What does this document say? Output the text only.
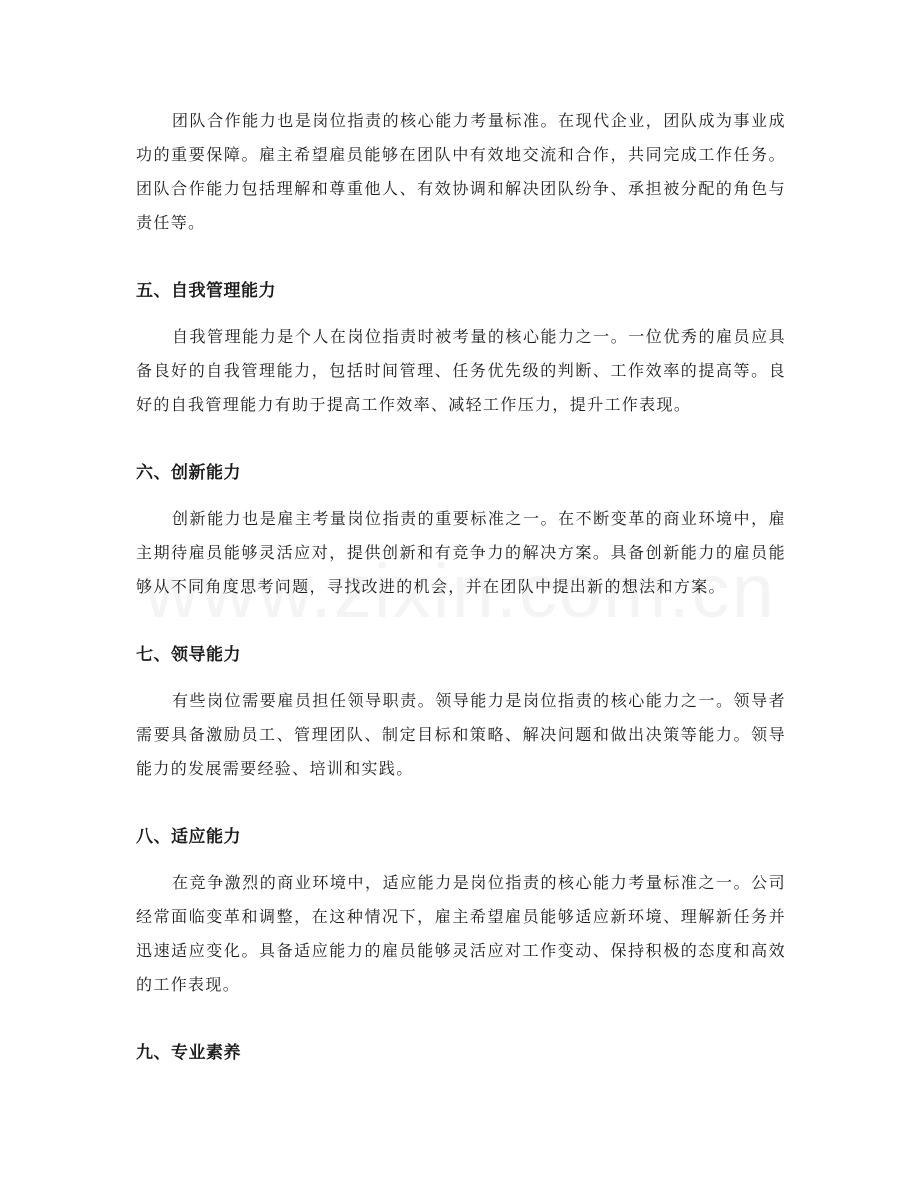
团队合作能力也是岗位指责的核心能力考量标准。在现代企业，团队成为事业成功的重要保障。雇主希望雇员能够在团队中有效地交流和合作，共同完成工作任务。团队合作能力包括理解和尊重他人、有效协调和解决团队纷争、承担被分配的角色与责任等。

五、自我管理能力

自我管理能力是个人在岗位指责时被考量的核心能力之一。一位优秀的雇员应具备良好的自我管理能力，包括时间管理、任务优先级的判断、工作效率的提高等。良好的自我管理能力有助于提高工作效率、减轻工作压力，提升工作表现。

六、创新能力

创新能力也是雇主考量岗位指责的重要标准之一。在不断变革的商业环境中，雇主期待雇员能够灵活应对，提供创新和有竞争力的解决方案。具备创新能力的雇员能够从不同角度思考问题，寻找改进的机会，并在团队中提出新的想法和方案。

七、领导能力

有些岗位需要雇员担任领导职责。领导能力是岗位指责的核心能力之一。领导者需要具备激励员工、管理团队、制定目标和策略、解决问题和做出决策等能力。领导能力的发展需要经验、培训和实践。

八、适应能力

在竞争激烈的商业环境中，适应能力是岗位指责的核心能力考量标准之一。公司经常面临变革和调整，在这种情况下，雇主希望雇员能够适应新环境、理解新任务并迅速适应变化。具备适应能力的雇员能够灵活应对工作变动、保持积极的态度和高效的工作表现。

九、专业素养
